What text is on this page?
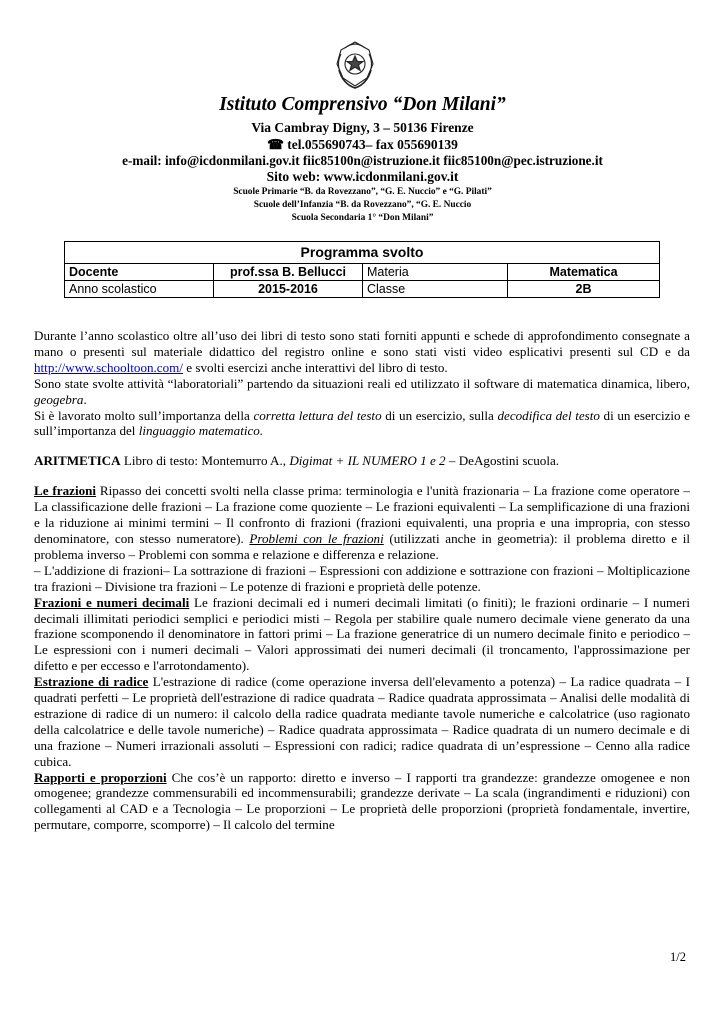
Istituto Comprensivo “Don Milani”
Via Cambray Digny, 3 – 50136 Firenze
☎ tel.055690743– fax 055690139
e-mail: info@icdonmilani.gov.it fiic85100n@istruzione.it fiic85100n@pec.istruzione.it
Sito web: www.icdonmilani.gov.it
Scuole Primarie “B. da Rovezzano”, “G. E. Nuccio” e “G. Pilati”
Scuole dell’Infanzia “B. da Rovezzano”, “G. E. Nuccio
Scuola Secondaria 1° “Don Milani”
Programma svolto			
Docente	prof.ssa B. Bellucci	Materia	Matematica
Anno scolastico	2015-2016	Classe	2B

Durante l’anno scolastico oltre all’uso dei libri di testo sono stati forniti appunti e schede di approfondimento consegnate a mano o presenti sul materiale didattico del registro online e sono stati visti video esplicativi presenti sul CD e da http://www.schooltoon.com/ e svolti esercizi anche interattivi del libro di testo.

Sono state svolte attività “laboratoriali” partendo da situazioni reali ed utilizzato il software di matematica dinamica, libero, geogebra.

Si è lavorato molto sull’importanza della corretta lettura del testo di un esercizio, sulla decodifica del testo di un esercizio e sull’importanza del linguaggio matematico.

ARITMETICA Libro di testo: Montemurro A., Digimat + IL NUMERO 1 e 2 – DeAgostini scuola.

Le frazioni Ripasso dei concetti svolti nella classe prima: terminologia e l'unità frazionaria – La frazione come operatore – La classificazione delle frazioni – La frazione come quoziente – Le frazioni equivalenti – La semplificazione di una frazioni e la riduzione ai minimi termini – Il confronto di frazioni (frazioni equivalenti, una propria e una impropria, con stesso denominatore, con stesso numeratore). Problemi con le frazioni (utilizzati anche in geometria): il problema diretto e il problema inverso – Problemi con somma e relazione e differenza e relazione.

– L'addizione di frazioni– La sottrazione di frazioni – Espressioni con addizione e sottrazione con frazioni – Moltiplicazione tra frazioni – Divisione tra frazioni – Le potenze di frazioni e proprietà delle potenze.

Frazioni e numeri decimali Le frazioni decimali ed i numeri decimali limitati (o finiti); le frazioni ordinarie – I numeri decimali illimitati periodici semplici e periodici misti – Regola per stabilire quale numero decimale viene generato da una frazione scomponendo il denominatore in fattori primi – La frazione generatrice di un numero decimale finito e periodico – Le espressioni con i numeri decimali – Valori approssimati dei numeri decimali (il troncamento, l'approssimazione per difetto e per eccesso e l'arrotondamento).

Estrazione di radice L'estrazione di radice (come operazione inversa dell'elevamento a potenza) – La radice quadrata – I quadrati perfetti – Le proprietà dell'estrazione di radice quadrata – Radice quadrata approssimata – Analisi delle modalità di estrazione di radice di un numero: il calcolo della radice quadrata mediante tavole numeriche e calcolatrice (uso ragionato della calcolatrice e delle tavole numeriche) – Radice quadrata approssimata – Radice quadrata di un numero decimale e di una frazione – Numeri irrazionali assoluti – Espressioni con radici; radice quadrata di un’espressione – Cenno alla radice cubica.

Rapporti e proporzioni Che cos’è un rapporto: diretto e inverso – I rapporti tra grandezze: grandezze omogenee e non omogenee; grandezze commensurabili ed incommensurabili; grandezze derivate – La scala (ingrandimenti e riduzioni) con collegamenti al CAD e a Tecnologia – Le proporzioni – Le proprietà delle proporzioni (proprietà fondamentale, invertire, permutare, comporre, scomporre) – Il calcolo del termine

1/2
